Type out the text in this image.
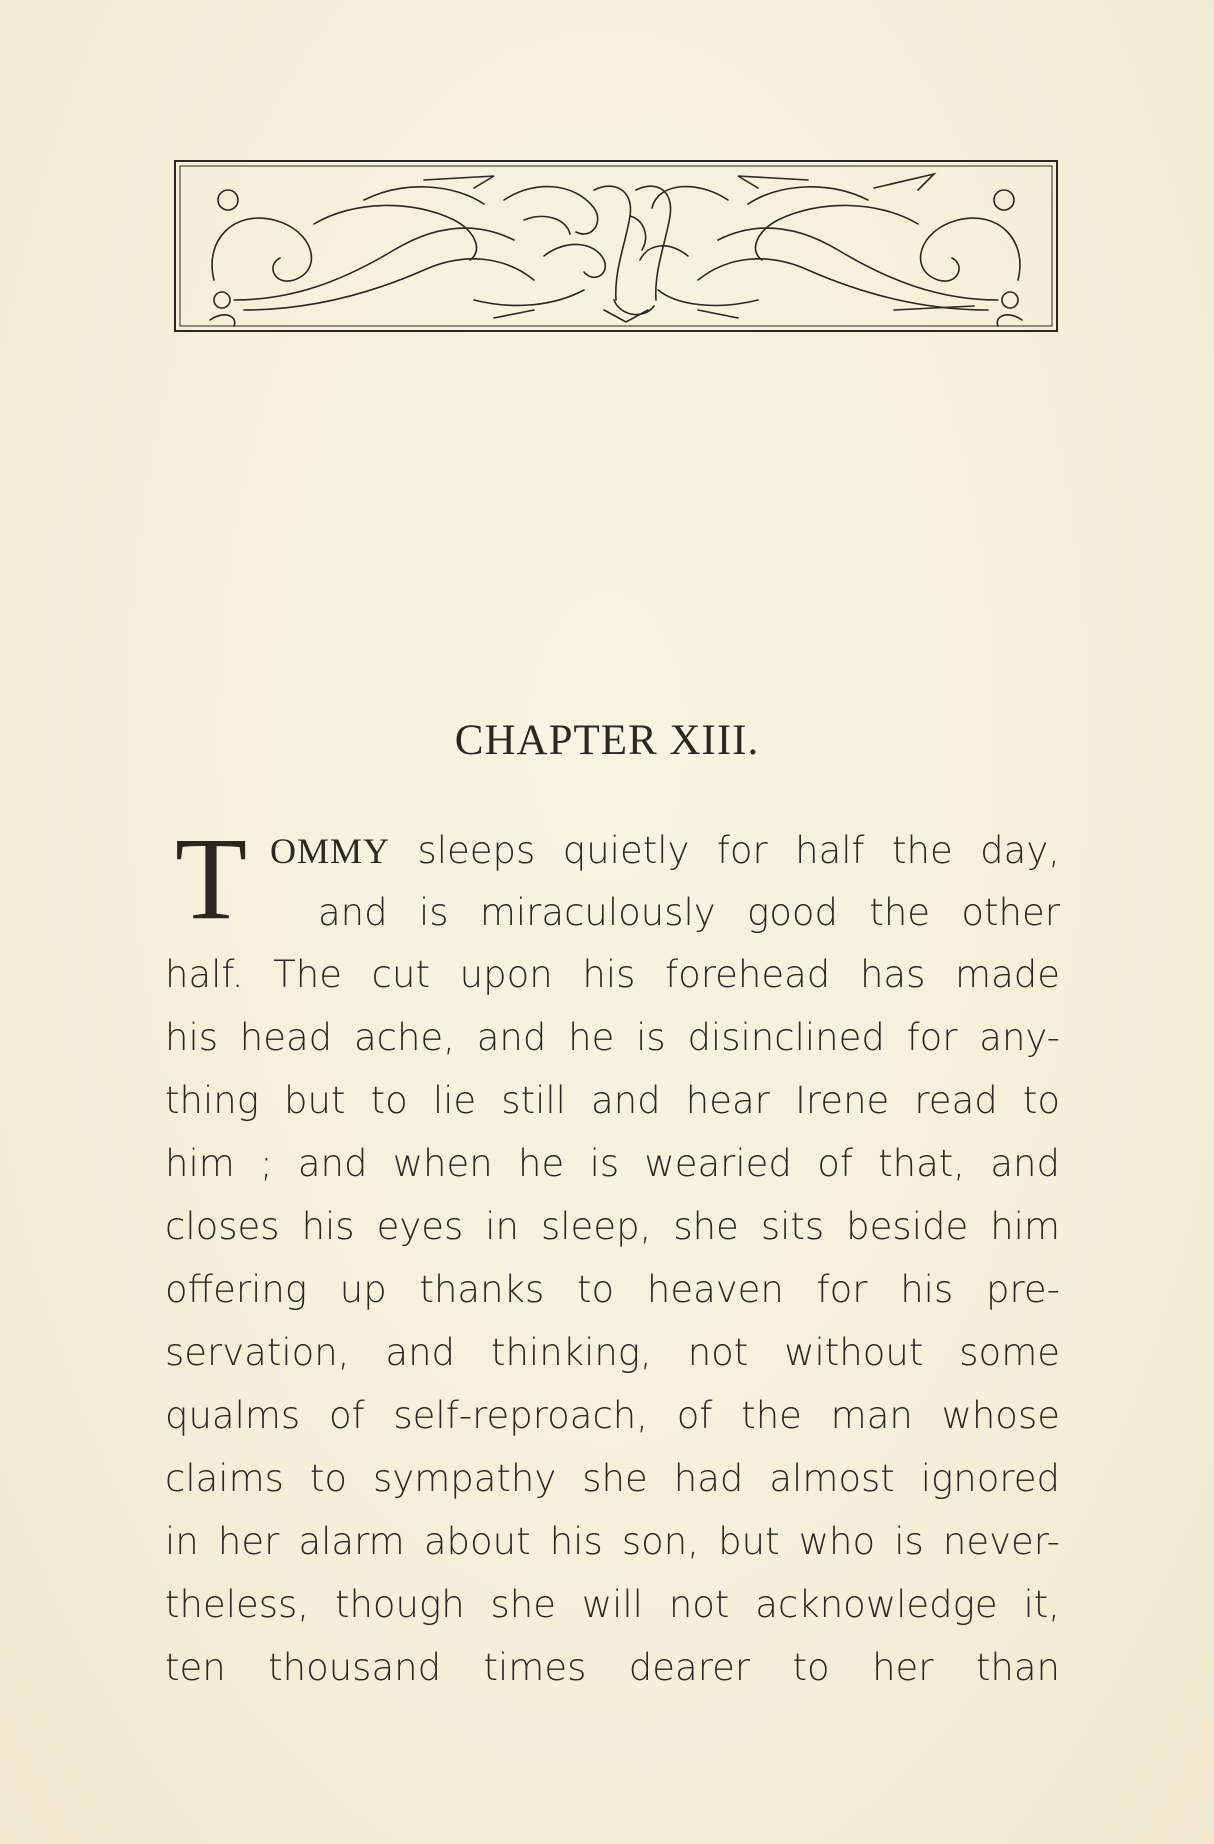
CHAPTER XIII.
T OMMY sleeps quietly for half the day,
and is miraculously good the other
half. The cut upon his forehead has made
his head ache, and he is disinclined for any-
thing but to lie still and hear Irene read to
him ; and when he is wearied of that, and
closes his eyes in sleep, she sits beside him
offering up thanks to heaven for his pre-
servation, and thinking, not without some
qualms of self-reproach, of the man whose
claims to sympathy she had almost ignored
in her alarm about his son, but who is never-
theless, though she will not acknowledge it,
ten thousand times dearer to her than
